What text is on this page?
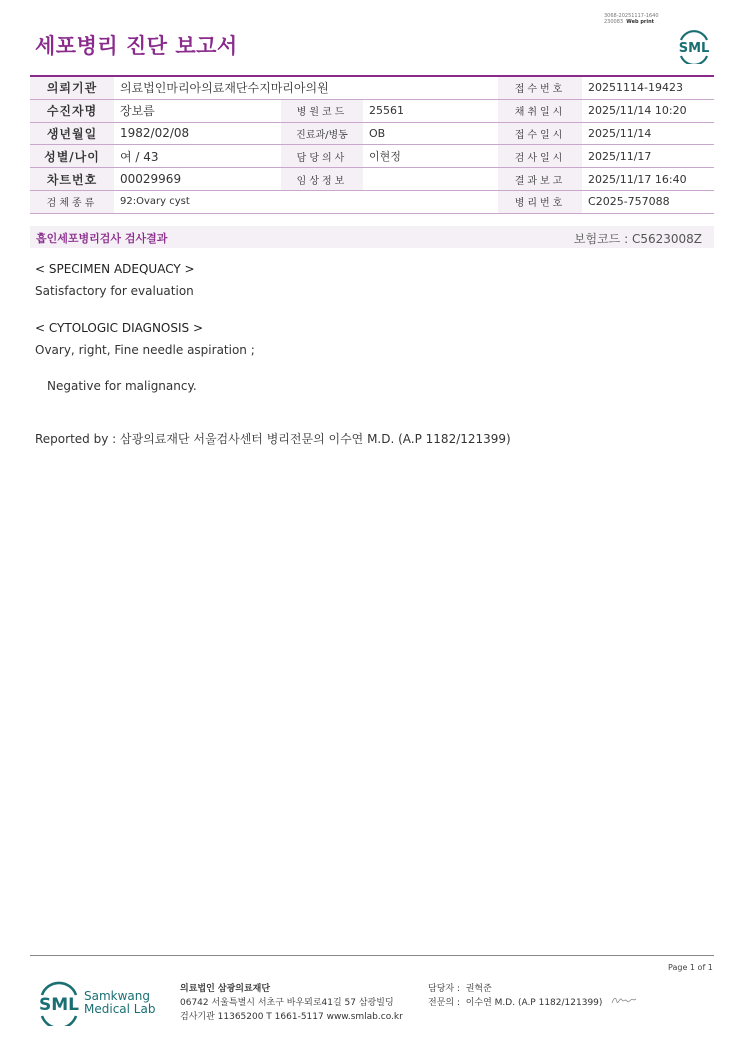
세포병리 진단 보고서
3068-20251117-1640
230083 Web print
SML
의뢰기관	의료법인마리아의료재단수지마리아의원			접수번호	20251114-19423
수진자명	장보름	병원코드	25561	채취일시	2025/11/14 10:20
생년월일	1982/02/08	진료과/병동	OB	접수일시	2025/11/14
성별/나이	여 / 43	담당의사	이현정	검사일시	2025/11/17
차트번호	00029969	임상정보		결과보고	2025/11/17 16:40
검체종류	92:Ovary cyst			병리번호	C2025-757088
흡인세포병리검사 검사결과	보험코드 : C5623008Z
< SPECIMEN ADEQUACY >
Satisfactory for evaluation
< CYTOLOGIC DIAGNOSIS >
Ovary, right, Fine needle aspiration ;
Negative for malignancy.
Reported by : 삼광의료재단 서울검사센터 병리전문의 이수연 M.D. (A.P 1182/121399)
Page 1 of 1
SML Samkwang
Medical Lab
의료법인 삼광의료재단
06742 서울특별시 서초구 바우뫼로41길 57 삼광빌딩
검사기관 11365200 T 1661-5117 www.smlab.co.kr
담당자 : 권혁준
전문의 : 이수연 M.D. (A.P 1182/121399)
